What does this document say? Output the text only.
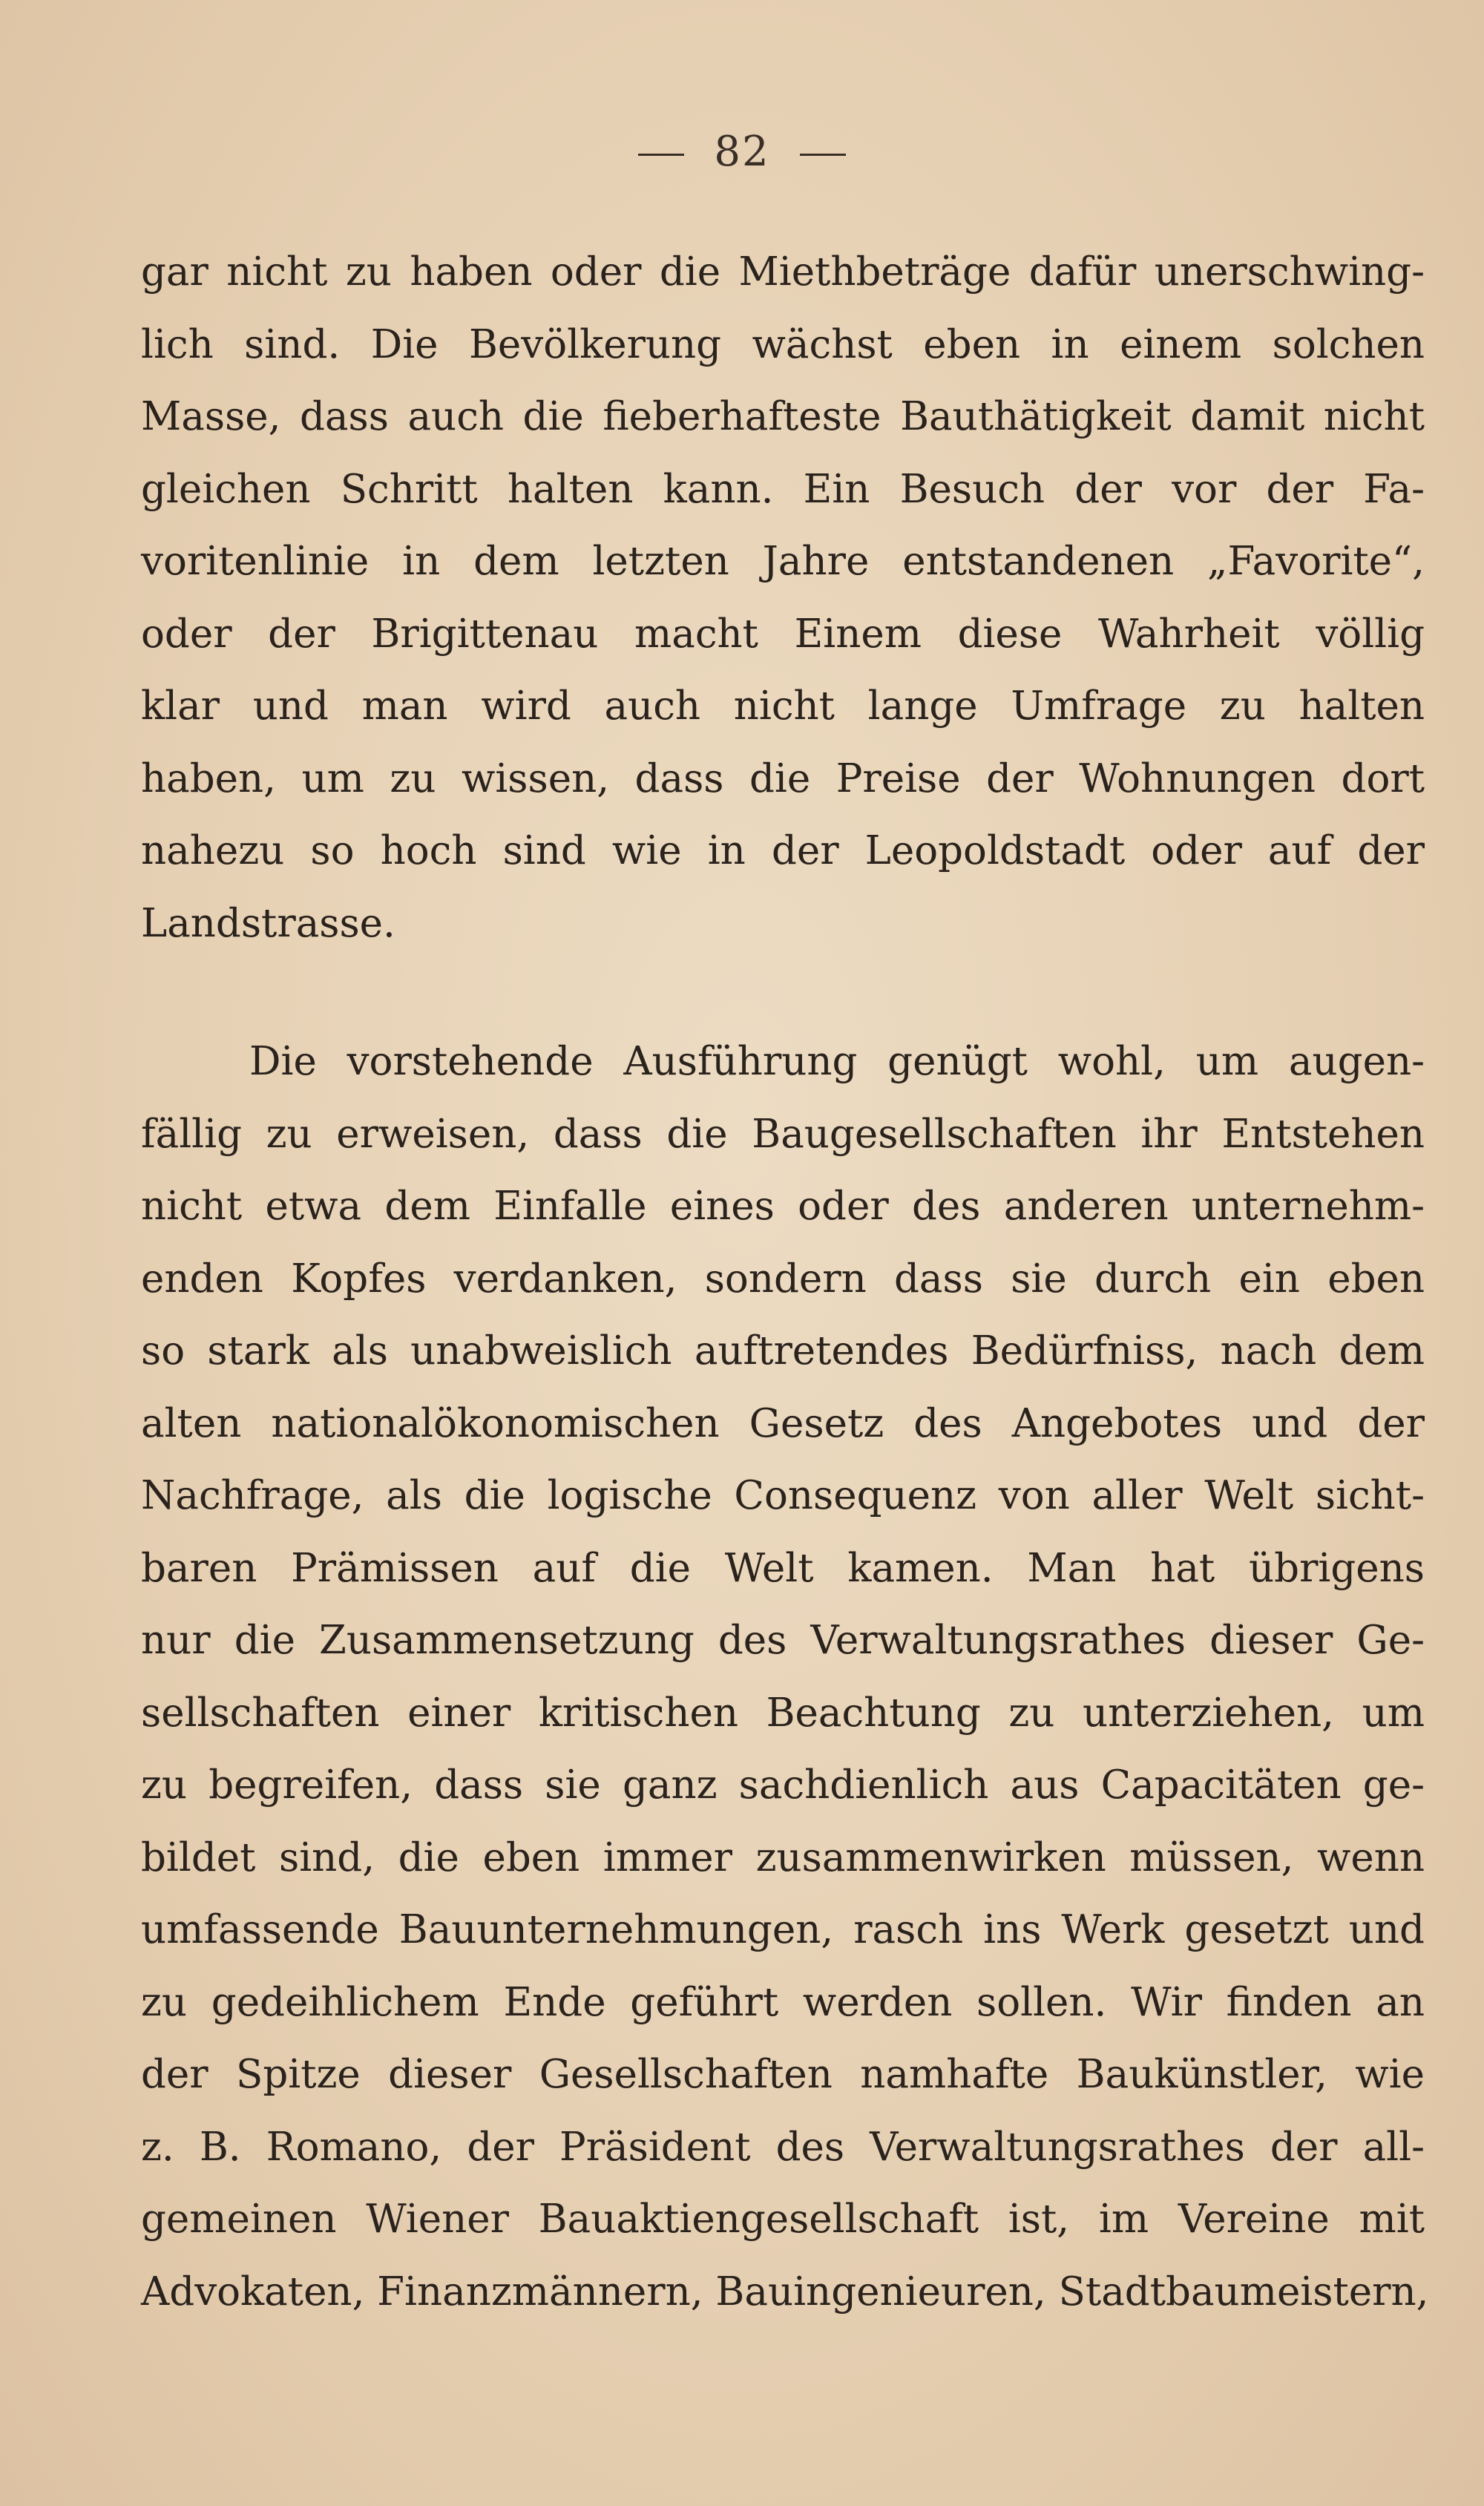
82
gar nicht zu haben oder die Miethbeträge dafür unerschwing-
lich sind. Die Bevölkerung wächst eben in einem solchen
Masse, dass auch die fieberhafteste Bauthätigkeit damit nicht
gleichen Schritt halten kann. Ein Besuch der vor der Fa-
voritenlinie in dem letzten Jahre entstandenen „Favorite“,
oder der Brigittenau macht Einem diese Wahrheit völlig
klar und man wird auch nicht lange Umfrage zu halten
haben, um zu wissen, dass die Preise der Wohnungen dort
nahezu so hoch sind wie in der Leopoldstadt oder auf der
Landstrasse.
Die vorstehende Ausführung genügt wohl, um augen-
fällig zu erweisen, dass die Baugesellschaften ihr Entstehen
nicht etwa dem Einfalle eines oder des anderen unternehm-
enden Kopfes verdanken, sondern dass sie durch ein eben
so stark als unabweislich auftretendes Bedürfniss, nach dem
alten nationalökonomischen Gesetz des Angebotes und der
Nachfrage, als die logische Consequenz von aller Welt sicht-
baren Prämissen auf die Welt kamen. Man hat übrigens
nur die Zusammensetzung des Verwaltungsrathes dieser Ge-
sellschaften einer kritischen Beachtung zu unterziehen, um
zu begreifen, dass sie ganz sachdienlich aus Capacitäten ge-
bildet sind, die eben immer zusammenwirken müssen, wenn
umfassende Bauunternehmungen, rasch ins Werk gesetzt und
zu gedeihlichem Ende geführt werden sollen. Wir finden an
der Spitze dieser Gesellschaften namhafte Baukünstler, wie
z. B. Romano, der Präsident des Verwaltungsrathes der all-
gemeinen Wiener Bauaktiengesellschaft ist, im Vereine mit
Advokaten, Finanzmännern, Bauingenieuren, Stadtbaumeistern,
